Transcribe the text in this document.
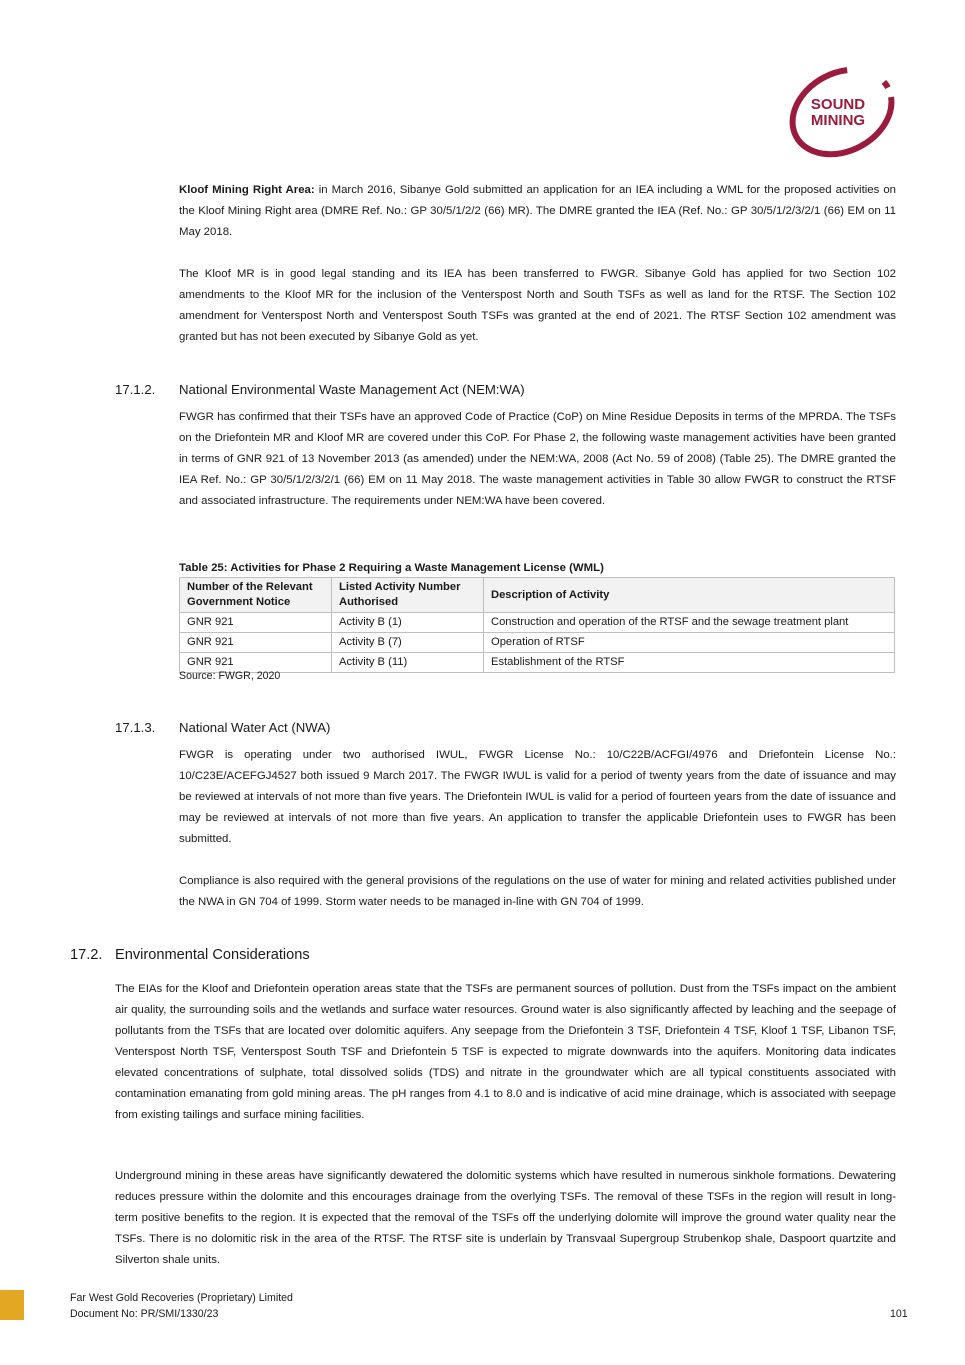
SOUND
MINING

Kloof Mining Right Area: in March 2016, Sibanye Gold submitted an application for an IEA including a WML for the proposed activities on the Kloof Mining Right area (DMRE Ref. No.: GP 30/5/1/2/2 (66) MR). The DMRE granted the IEA (Ref. No.: GP 30/5/1/2/3/2/1 (66) EM on 11 May 2018.

The Kloof MR is in good legal standing and its IEA has been transferred to FWGR. Sibanye Gold has applied for two Section 102 amendments to the Kloof MR for the inclusion of the Venterspost North and South TSFs as well as land for the RTSF. The Section 102 amendment for Venterspost North and Venterspost South TSFs was granted at the end of 2021. The RTSF Section 102 amendment was granted but has not been executed by Sibanye Gold as yet.

17.1.2. National Environmental Waste Management Act (NEM:WA)

FWGR has confirmed that their TSFs have an approved Code of Practice (CoP) on Mine Residue Deposits in terms of the MPRDA. The TSFs on the Driefontein MR and Kloof MR are covered under this CoP. For Phase 2, the following waste management activities have been granted in terms of GNR 921 of 13 November 2013 (as amended) under the NEM:WA, 2008 (Act No. 59 of 2008) (Table 25). The DMRE granted the IEA Ref. No.: GP 30/5/1/2/3/2/1 (66) EM on 11 May 2018. The waste management activities in Table 30 allow FWGR to construct the RTSF and associated infrastructure. The requirements under NEM:WA have been covered.

Table 25: Activities for Phase 2 Requiring a Waste Management License (WML)
Number of the Relevant Government Notice	Listed Activity Number Authorised	Description of Activity
GNR 921	Activity B (1)	Construction and operation of the RTSF and the sewage treatment plant
GNR 921	Activity B (7)	Operation of RTSF
GNR 921	Activity B (11)	Establishment of the RTSF
Source: FWGR, 2020
17.1.3. National Water Act (NWA)

FWGR is operating under two authorised IWUL, FWGR License No.: 10/C22B/ACFGI/4976 and Driefontein License No.: 10/C23E/ACEFGJ4527 both issued 9 March 2017. The FWGR IWUL is valid for a period of twenty years from the date of issuance and may be reviewed at intervals of not more than five years. The Driefontein IWUL is valid for a period of fourteen years from the date of issuance and may be reviewed at intervals of not more than five years. An application to transfer the applicable Driefontein uses to FWGR has been submitted.

Compliance is also required with the general provisions of the regulations on the use of water for mining and related activities published under the NWA in GN 704 of 1999. Storm water needs to be managed in-line with GN 704 of 1999.

17.2. Environmental Considerations

The EIAs for the Kloof and Driefontein operation areas state that the TSFs are permanent sources of pollution. Dust from the TSFs impact on the ambient air quality, the surrounding soils and the wetlands and surface water resources. Ground water is also significantly affected by leaching and the seepage of pollutants from the TSFs that are located over dolomitic aquifers. Any seepage from the Driefontein 3 TSF, Driefontein 4 TSF, Kloof 1 TSF, Libanon TSF, Venterspost North TSF, Venterspost South TSF and Driefontein 5 TSF is expected to migrate downwards into the aquifers. Monitoring data indicates elevated concentrations of sulphate, total dissolved solids (TDS) and nitrate in the groundwater which are all typical constituents associated with contamination emanating from gold mining areas. The pH ranges from 4.1 to 8.0 and is indicative of acid mine drainage, which is associated with seepage from existing tailings and surface mining facilities.

Underground mining in these areas have significantly dewatered the dolomitic systems which have resulted in numerous sinkhole formations. Dewatering reduces pressure within the dolomite and this encourages drainage from the overlying TSFs. The removal of these TSFs in the region will result in long-term positive benefits to the region. It is expected that the removal of the TSFs off the underlying dolomite will improve the ground water quality near the TSFs. There is no dolomitic risk in the area of the RTSF. The RTSF site is underlain by Transvaal Supergroup Strubenkop shale, Daspoort quartzite and Silverton shale units.

Far West Gold Recoveries (Proprietary) Limited
Document No: PR/SMI/1330/23	101
